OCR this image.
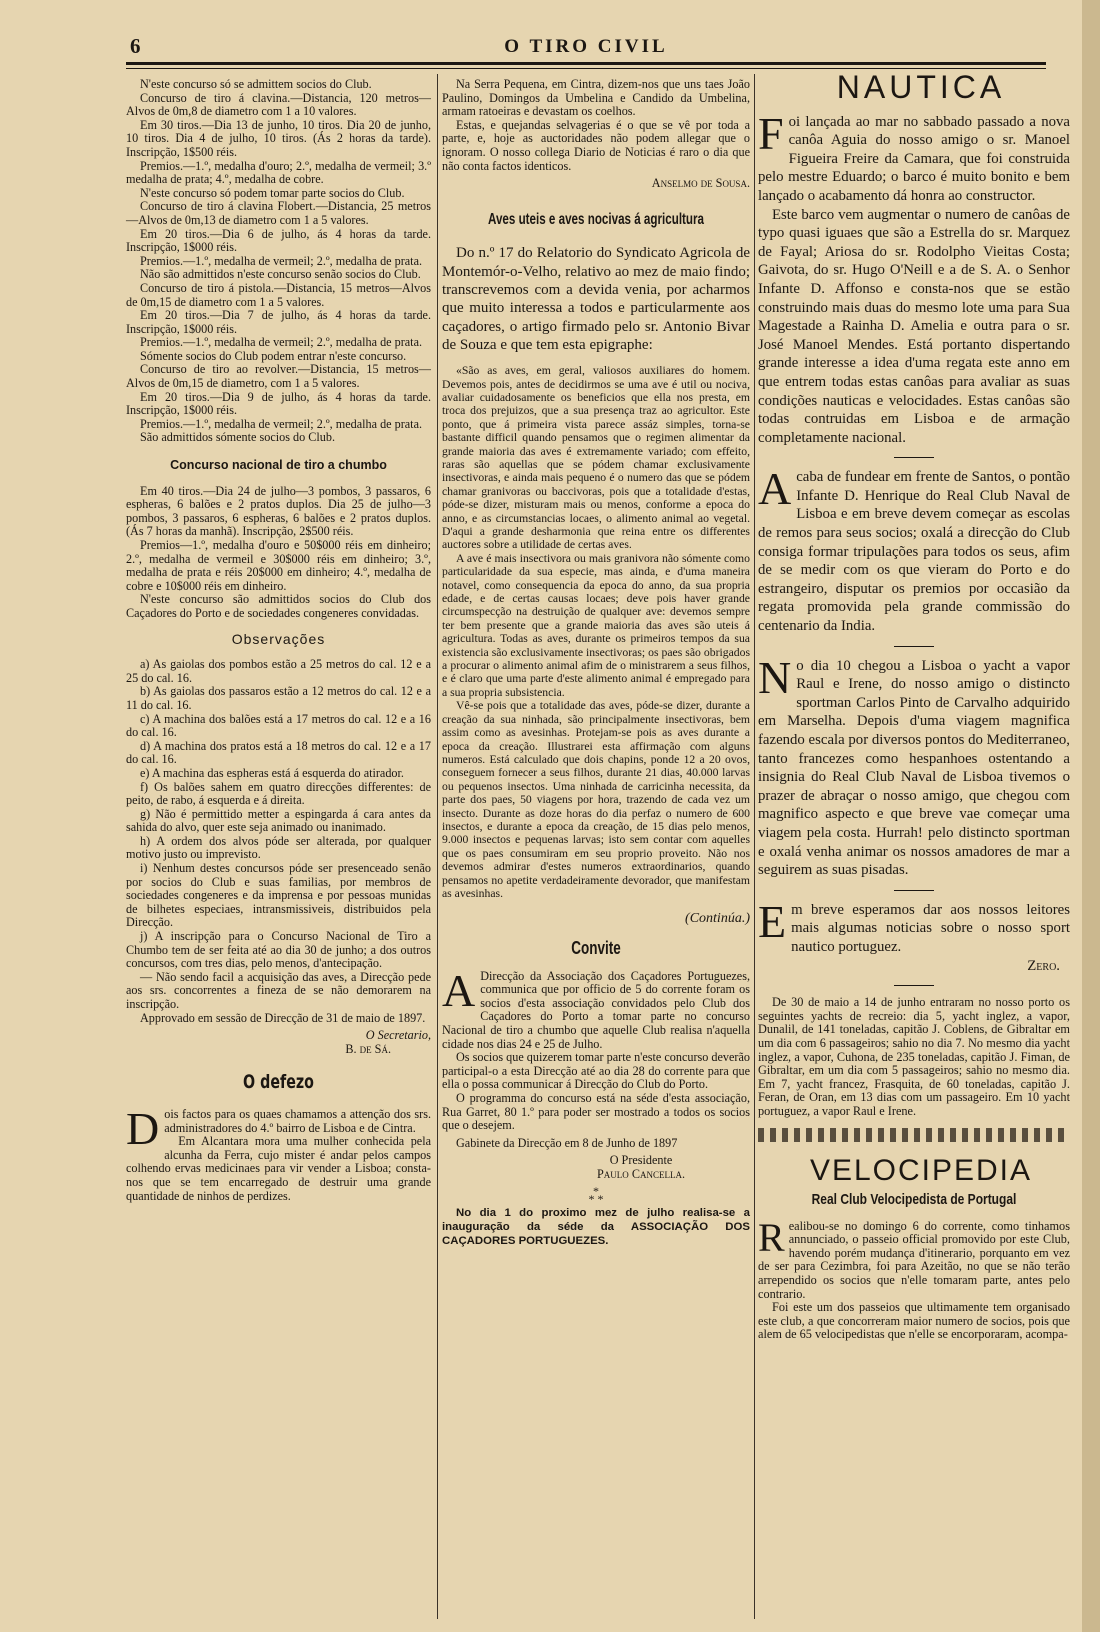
6	O TIRO CIVIL

N'este concurso só se admittem socios do Club.

Concurso de tiro á clavina.—Distancia, 120 metros—Alvos de 0m,8 de diametro com 1 a 10 valores.

Em 30 tiros.—Dia 13 de junho, 10 tiros. Dia 20 de junho, 10 tiros. Dia 4 de julho, 10 tiros. (Ás 2 horas da tarde). Inscripção, 1$500 réis.

Premios.—1.º, medalha d'ouro; 2.º, medalha de vermeil; 3.º medalha de prata; 4.º, medalha de cobre.

N'este concurso só podem tomar parte socios do Club.

Concurso de tiro á clavina Flobert.—Distancia, 25 metros—Alvos de 0m,13 de diametro com 1 a 5 valores.

Em 20 tiros.—Dia 6 de julho, ás 4 horas da tarde. Inscripção, 1$000 réis.

Premios.—1.º, medalha de vermeil; 2.º, medalha de prata.

Não são admittidos n'este concurso senão socios do Club.

Concurso de tiro á pistola.—Distancia, 15 metros—Alvos de 0m,15 de diametro com 1 a 5 valores.

Em 20 tiros.—Dia 7 de julho, ás 4 horas da tarde. Inscripção, 1$000 réis.

Premios.—1.º, medalha de vermeil; 2.º, medalha de prata.

Sómente socios do Club podem entrar n'este concurso.

Concurso de tiro ao revolver.—Distancia, 15 metros—Alvos de 0m,15 de diametro, com 1 a 5 valores.

Em 20 tiros.—Dia 9 de julho, ás 4 horas da tarde. Inscripção, 1$000 réis.

Premios.—1.º, medalha de vermeil; 2.º, medalha de prata.

São admittidos sómente socios do Club.

Concurso nacional de tiro a chumbo

Em 40 tiros.—Dia 24 de julho—3 pombos, 3 passaros, 6 espheras, 6 balões e 2 pratos duplos. Dia 25 de julho—3 pombos, 3 passaros, 6 espheras, 6 balões e 2 pratos duplos. (Ás 7 horas da manhã). Inscripção, 2$500 réis.

Premios—1.º, medalha d'ouro e 50$000 réis em dinheiro; 2.º, medalha de vermeil e 30$000 réis em dinheiro; 3.º, medalha de prata e réis 20$000 em dinheiro; 4.º, medalha de cobre e 10$000 réis em dinheiro.

N'este concurso são admittidos socios do Club dos Caçadores do Porto e de sociedades congeneres convidadas.

Observações

a) As gaiolas dos pombos estão a 25 metros do cal. 12 e a 25 do cal. 16.

b) As gaiolas dos passaros estão a 12 metros do cal. 12 e a 11 do cal. 16.

c) A machina dos balões está a 17 metros do cal. 12 e a 16 do cal. 16.

d) A machina dos pratos está a 18 metros do cal. 12 e a 17 do cal. 16.

e) A machina das espheras está á esquerda do atirador.

f) Os balões sahem em quatro direcções differentes: de peito, de rabo, á esquerda e á direita.

g) Não é permittido metter a espingarda á cara antes da sahida do alvo, quer este seja animado ou inanimado.

h) A ordem dos alvos póde ser alterada, por qualquer motivo justo ou imprevisto.

i) Nenhum destes concursos póde ser presenceado senão por socios do Club e suas familias, por membros de sociedades congeneres e da imprensa e por pessoas munidas de bilhetes especiaes, intransmissiveis, distribuidos pela Direcção.

j) A inscripção para o Concurso Nacional de Tiro a Chumbo tem de ser feita até ao dia 30 de junho; a dos outros concursos, com tres dias, pelo menos, d'antecipação.

— Não sendo facil a acquisição das aves, a Direcção pede aos srs. concorrentes a fineza de se não demorarem na inscripção.

Approvado em sessão de Direcção de 31 de maio de 1897.

O Secretario,

B. de Sá.

O defezo

Dois factos para os quaes chamamos a attenção dos srs. administradores do 4.º bairro de Lisboa e de Cintra.

Em Alcantara mora uma mulher conhecida pela alcunha da Ferra, cujo mister é andar pelos campos colhendo ervas medicinaes para vir vender a Lisboa; consta-nos que se tem encarregado de destruir uma grande quantidade de ninhos de perdizes.

Na Serra Pequena, em Cintra, dizem-nos que uns taes João Paulino, Domingos da Umbelina e Candido da Umbelina, armam ratoeiras e devastam os coelhos.

Estas, e quejandas selvagerias é o que se vê por toda a parte, e, hoje as auctoridades não podem allegar que o ignoram. O nosso collega Diario de Noticias é raro o dia que não conta factos identicos.

Anselmo de Sousa.

Aves uteis e aves nocivas á agricultura

Do n.º 17 do Relatorio do Syndicato Agricola de Montemór-o-Velho, relativo ao mez de maio findo; transcrevemos com a devida venia, por acharmos que muito interessa a todos e particularmente aos caçadores, o artigo firmado pelo sr. Antonio Bivar de Souza e que tem esta epigraphe:

«São as aves, em geral, valiosos auxiliares do homem. Devemos pois, antes de decidirmos se uma ave é util ou nociva, avaliar cuidadosamente os beneficios que ella nos presta, em troca dos prejuizos, que a sua presença traz ao agricultor. Este ponto, que á primeira vista parece assáz simples, torna-se bastante difficil quando pensamos que o regimen alimentar da grande maioria das aves é extremamente variado; com effeito, raras são aquellas que se pódem chamar exclusivamente insectivoras, e ainda mais pequeno é o numero das que se pódem chamar granivoras ou baccivoras, pois que a totalidade d'estas, póde-se dizer, misturam mais ou menos, conforme a epoca do anno, e as circumstancias locaes, o alimento animal ao vegetal. D'aqui a grande desharmonia que reina entre os differentes auctores sobre a utilidade de certas aves.

A ave é mais insectivora ou mais granivora não sómente como particularidade da sua especie, mas ainda, e d'uma maneira notavel, como consequencia da epoca do anno, da sua propria edade, e de certas causas locaes; deve pois haver grande circumspecção na destruição de qualquer ave: devemos sempre ter bem presente que a grande maioria das aves são uteis á agricultura. Todas as aves, durante os primeiros tempos da sua existencia são exclusivamente insectivoras; os paes são obrigados a procurar o alimento animal afim de o ministrarem a seus filhos, e é claro que uma parte d'este alimento animal é empregado para a sua propria subsistencia.

Vê-se pois que a totalidade das aves, póde-se dizer, durante a creação da sua ninhada, são principalmente insectivoras, bem assim como as avesinhas. Protejam-se pois as aves durante a epoca da creação. Illustrarei esta affirmação com alguns numeros. Está calculado que dois chapins, ponde 12 a 20 ovos, conseguem fornecer a seus filhos, durante 21 dias, 40.000 larvas ou pequenos insectos. Uma ninhada de carricinha necessita, da parte dos paes, 50 viagens por hora, trazendo de cada vez um insecto. Durante as doze horas do dia perfaz o numero de 600 insectos, e durante a epoca da creação, de 15 dias pelo menos, 9.000 insectos e pequenas larvas; isto sem contar com aquelles que os paes consumiram em seu proprio proveito. Não nos devemos admirar d'estes numeros extraordinarios, quando pensamos no apetite verdadeiramente devorador, que manifestam as avesinhas.

(Continúa.)

Convite

A Direcção da Associação dos Caçadores Portuguezes, communica que por officio de 5 do corrente foram os socios d'esta associação convidados pelo Club dos Caçadores do Porto a tomar parte no concurso Nacional de tiro a chumbo que aquelle Club realisa n'aquella cidade nos dias 24 e 25 de Julho.

Os socios que quizerem tomar parte n'este concurso deverão participal-o a esta Direcção até ao dia 28 do corrente para que ella o possa communicar á Direcção do Club do Porto.

O programma do concurso está na séde d'esta associação, Rua Garret, 80 1.º para poder ser mostrado a todos os socios que o desejem.

Gabinete da Direcção em 8 de Junho de 1897

O Presidente

Paulo Cancella.

*
* *

No dia 1 do proximo mez de julho realisa-se a inauguração da séde da ASSOCIAÇÃO DOS CAÇADORES PORTUGUEZES.

NAUTICA

Foi lançada ao mar no sabbado passado a nova canôa Aguia do nosso amigo o sr. Manoel Figueira Freire da Camara, que foi construida pelo mestre Eduardo; o barco é muito bonito e bem lançado o acabamento dá honra ao constructor.

Este barco vem augmentar o numero de canôas de typo quasi iguaes que são a Estrella do sr. Marquez de Fayal; Ariosa do sr. Rodolpho Vieitas Costa; Gaivota, do sr. Hugo O'Neill e a de S. A. o Senhor Infante D. Affonso e consta-nos que se estão construindo mais duas do mesmo lote uma para Sua Magestade a Rainha D. Amelia e outra para o sr. José Manoel Mendes. Está portanto dispertando grande interesse a idea d'uma regata este anno em que entrem todas estas canôas para avaliar as suas condições nauticas e velocidades. Estas canôas são todas contruidas em Lisboa e de armação completamente nacional.

Acaba de fundear em frente de Santos, o pontão Infante D. Henrique do Real Club Naval de Lisboa e em breve devem começar as escolas de remos para seus socios; oxalá a direcção do Club consiga formar tripulações para todos os seus, afim de se medir com os que vieram do Porto e do estrangeiro, disputar os premios por occasião da regata promovida pela grande commissão do centenario da India.

No dia 10 chegou a Lisboa o yacht a vapor Raul e Irene, do nosso amigo o distincto sportman Carlos Pinto de Carvalho adquirido em Marselha. Depois d'uma viagem magnifica fazendo escala por diversos pontos do Mediterraneo, tanto francezes como hespanhoes ostentando a insignia do Real Club Naval de Lisboa tivemos o prazer de abraçar o nosso amigo, que chegou com magnifico aspecto e que breve vae começar uma viagem pela costa. Hurrah! pelo distincto sportman e oxalá venha animar os nossos amadores de mar a seguirem as suas pisadas.

Em breve esperamos dar aos nossos leitores mais algumas noticias sobre o nosso sport nautico portuguez.

Zero.

De 30 de maio a 14 de junho entraram no nosso porto os seguintes yachts de recreio: dia 5, yacht inglez, a vapor, Dunalil, de 141 toneladas, capitão J. Coblens, de Gibraltar em um dia com 6 passageiros; sahio no dia 7. No mesmo dia yacht inglez, a vapor, Cuhona, de 235 toneladas, capitão J. Fiman, de Gibraltar, em um dia com 5 passageiros; sahio no mesmo dia. Em 7, yacht francez, Frasquita, de 60 toneladas, capitão J. Feran, de Oran, em 13 dias com um passageiro. Em 10 yacht portuguez, a vapor Raul e Irene.

VELOCIPEDIA

Real Club Velocipedista de Portugal

Realibou-se no domingo 6 do corrente, como tinhamos annunciado, o passeio official promovido por este Club, havendo porém mudança d'itinerario, porquanto em vez de ser para Cezimbra, foi para Azeitão, no que se não terão arrependido os socios que n'elle tomaram parte, antes pelo contrario.

Foi este um dos passeios que ultimamente tem organisado este club, a que concorreram maior numero de socios, pois que alem de 65 velocipedistas que n'elle se encorporaram, acompa-
